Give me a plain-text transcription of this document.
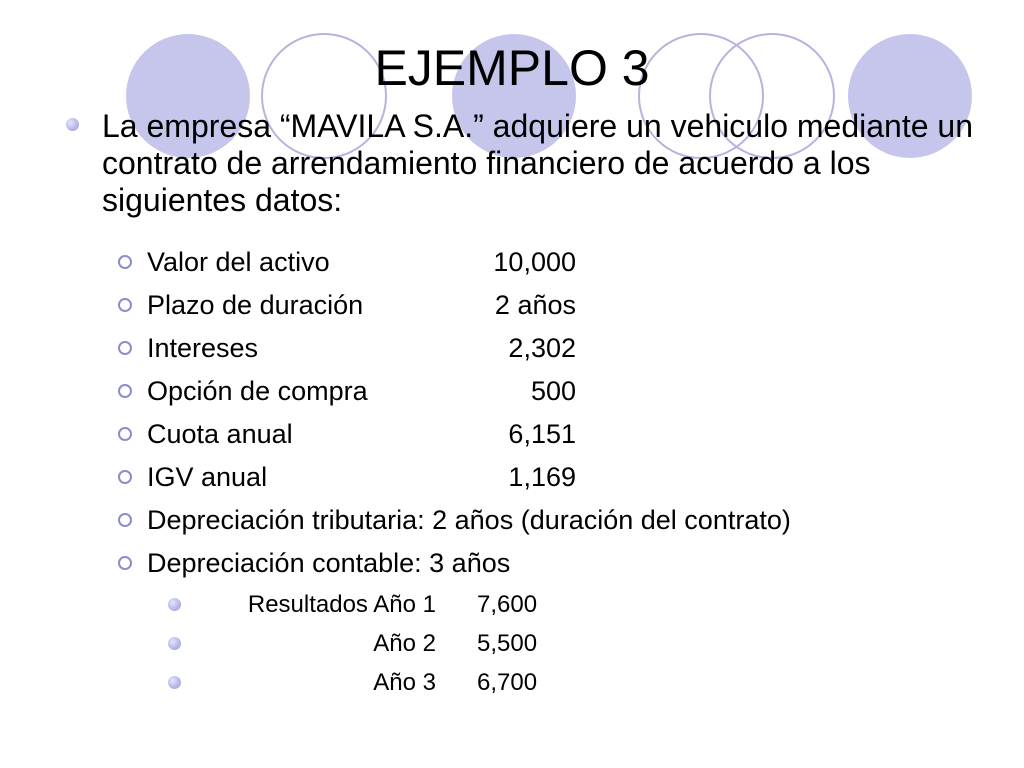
EJEMPLO 3
La empresa “MAVILA S.A.” adquiere un vehiculo mediante un contrato de arrendamiento financiero de acuerdo a los siguientes datos:
Valor del activo	10,000
Plazo de duración	2 años
Intereses	2,302
Opción de compra	500
Cuota anual	6,151
IGV anual	1,169
Depreciación tributaria: 2 años (duración del contrato)
Depreciación contable: 3 años
Resultados Año 1 7,600
Año 2 5,500
Año 3 6,700
